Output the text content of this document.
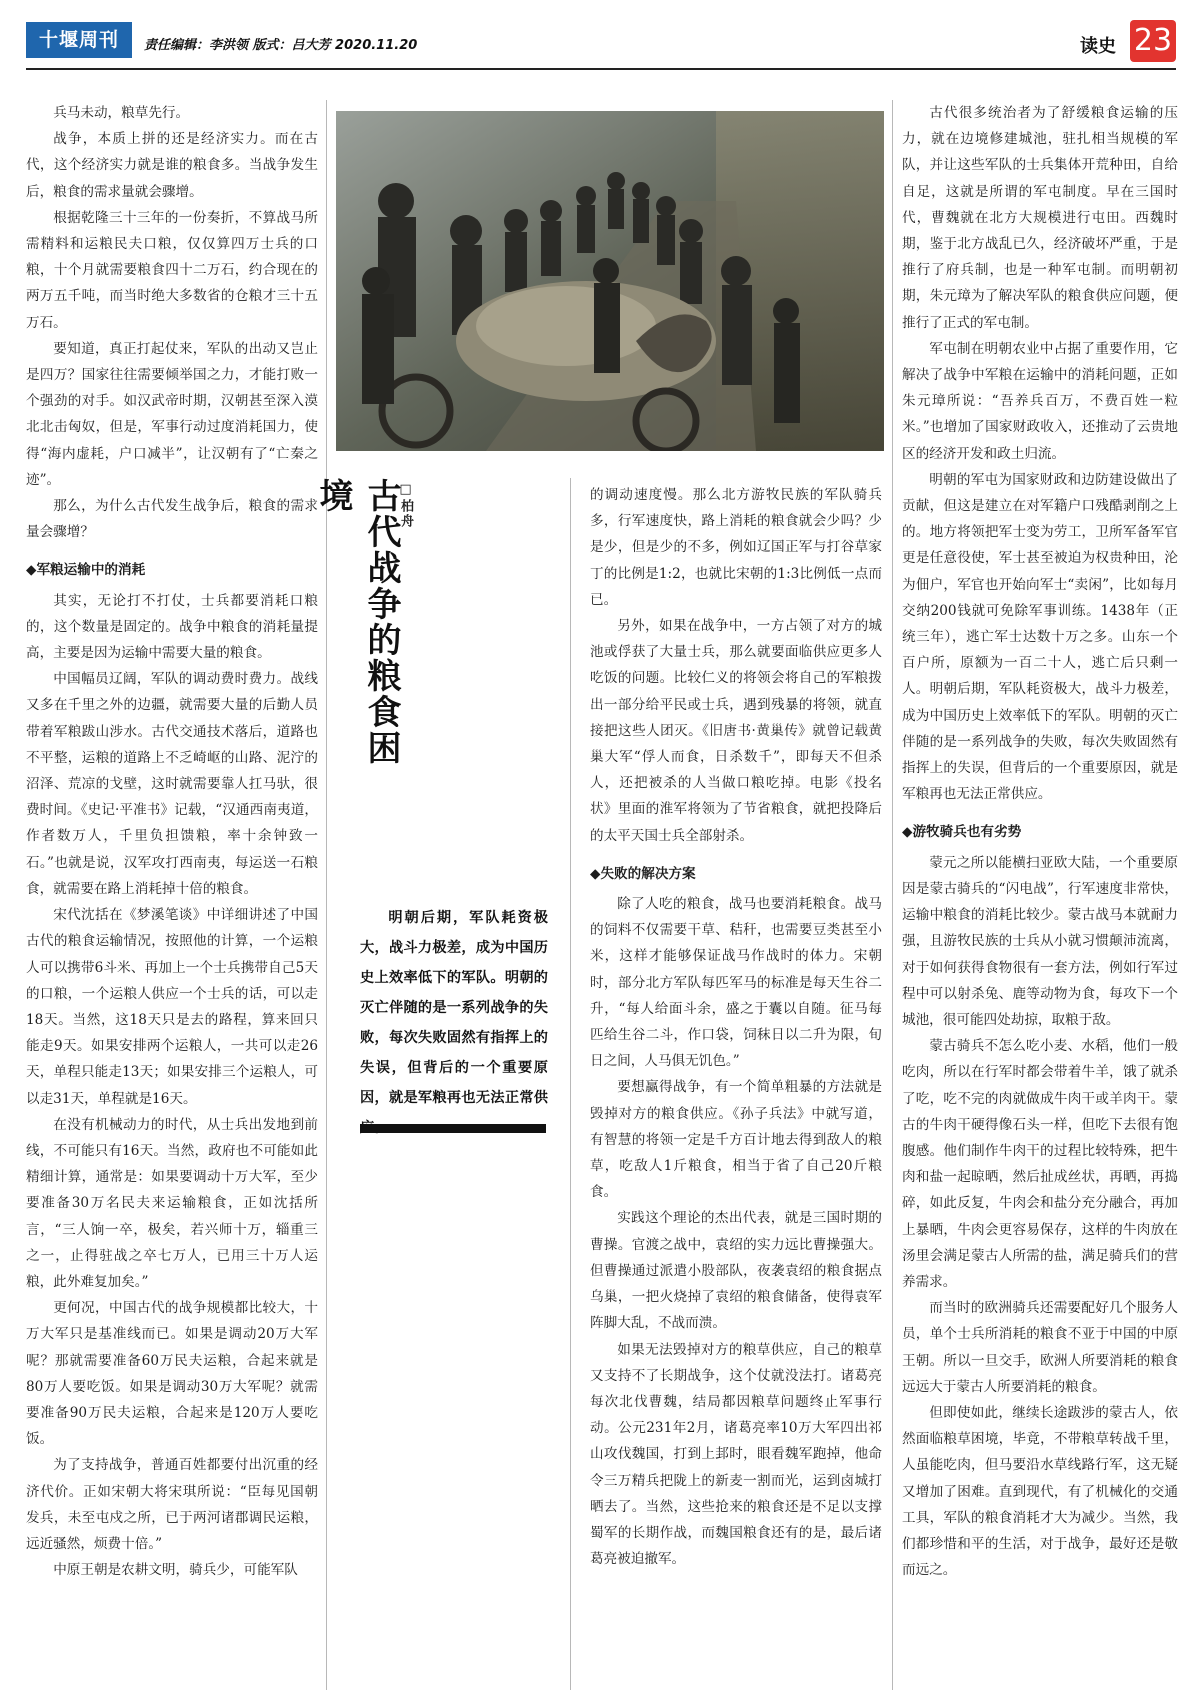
十堰周刊	责任编辑：李洪领 版式：吕大芳 2020.11.20	读史 23

兵马未动，粮草先行。

战争，本质上拼的还是经济实力。而在古代，这个经济实力就是谁的粮食多。当战争发生后，粮食的需求量就会骤增。

根据乾隆三十三年的一份奏折，不算战马所需精料和运粮民夫口粮，仅仅算四万士兵的口粮，十个月就需要粮食四十二万石，约合现在的两万五千吨，而当时绝大多数省的仓粮才三十五万石。

要知道，真正打起仗来，军队的出动又岂止是四万？国家往往需要倾举国之力，才能打败一个强劲的对手。如汉武帝时期，汉朝甚至深入漠北北击匈奴，但是，军事行动过度消耗国力，使得“海内虚耗，户口减半”，让汉朝有了“亡秦之迹”。

那么，为什么古代发生战争后，粮食的需求量会骤增？

◆军粮运输中的消耗

其实，无论打不打仗，士兵都要消耗口粮的，这个数量是固定的。战争中粮食的消耗量提高，主要是因为运输中需要大量的粮食。

中国幅员辽阔，军队的调动费时费力。战线又多在千里之外的边疆，就需要大量的后勤人员带着军粮跋山涉水。古代交通技术落后，道路也不平整，运粮的道路上不乏崎岖的山路、泥泞的沼泽、荒凉的戈壁，这时就需要靠人扛马驮，很费时间。《史记·平准书》记载，“汉通西南夷道，作者数万人，千里负担馈粮，率十余钟致一石。”也就是说，汉军攻打西南夷，每运送一石粮食，就需要在路上消耗掉十倍的粮食。

宋代沈括在《梦溪笔谈》中详细讲述了中国古代的粮食运输情况，按照他的计算，一个运粮人可以携带6斗米、再加上一个士兵携带自己5天的口粮，一个运粮人供应一个士兵的话，可以走18天。当然，这18天只是去的路程，算来回只能走9天。如果安排两个运粮人，一共可以走26天，单程只能走13天；如果安排三个运粮人，可以走31天，单程就是16天。

在没有机械动力的时代，从士兵出发地到前线，不可能只有16天。当然，政府也不可能如此精细计算，通常是：如果要调动十万大军，至少要准备30万名民夫来运输粮食，正如沈括所言，“三人饷一卒，极矣，若兴师十万，辎重三之一，止得驻战之卒七万人，已用三十万人运粮，此外难复加矣。”

更何况，中国古代的战争规模都比较大，十万大军只是基准线而已。如果是调动20万大军呢？那就需要准备60万民夫运粮，合起来就是80万人要吃饭。如果是调动30万大军呢？就需要准备90万民夫运粮，合起来是120万人要吃饭。

为了支持战争，普通百姓都要付出沉重的经济代价。正如宋朝大将宋琪所说：“臣每见国朝发兵，未至屯戍之所，已于两河诸郡调民运粮，远近骚然，烦费十倍。”

中原王朝是农耕文明，骑兵少，可能军队

古代战争的粮食困境	□柏舟

明朝后期，军队耗资极大，战斗力极差，成为中国历史上效率低下的军队。明朝的灭亡伴随的是一系列战争的失败，每次失败固然有指挥上的失误，但背后的一个重要原因，就是军粮再也无法正常供

的调动速度慢。那么北方游牧民族的军队骑兵多，行军速度快，路上消耗的粮食就会少吗？少是少，但是少的不多，例如辽国正军与打谷草家丁的比例是1:2，也就比宋朝的1:3比例低一点而已。

另外，如果在战争中，一方占领了对方的城池或俘获了大量士兵，那么就要面临供应更多人吃饭的问题。比较仁义的将领会将自己的军粮拨出一部分给平民或士兵，遇到残暴的将领，就直接把这些人团灭。《旧唐书·黄巢传》就曾记载黄巢大军“俘人而食，日杀数千”，即每天不但杀人，还把被杀的人当做口粮吃掉。电影《投名状》里面的淮军将领为了节省粮食，就把投降后的太平天国士兵全部射杀。

◆失败的解决方案

除了人吃的粮食，战马也要消耗粮食。战马的饲料不仅需要干草、秸秆，也需要豆类甚至小米，这样才能够保证战马作战时的体力。宋朝时，部分北方军队每匹军马的标准是每天生谷二升，“每人给面斗余，盛之于囊以自随。征马每匹给生谷二斗，作口袋，饲秣日以二升为限，旬日之间，人马俱无饥色。”

要想赢得战争，有一个简单粗暴的方法就是毁掉对方的粮食供应。《孙子兵法》中就写道，有智慧的将领一定是千方百计地去得到敌人的粮草，吃敌人1斤粮食，相当于省了自己20斤粮食。

实践这个理论的杰出代表，就是三国时期的曹操。官渡之战中，袁绍的实力远比曹操强大。但曹操通过派遣小股部队，夜袭袁绍的粮食据点乌巢，一把火烧掉了袁绍的粮食储备，使得袁军阵脚大乱，不战而溃。

如果无法毁掉对方的粮草供应，自己的粮草又支持不了长期战争，这个仗就没法打。诸葛亮每次北伐曹魏，结局都因粮草问题终止军事行动。公元231年2月，诸葛亮率10万大军四出祁山攻伐魏国，打到上邽时，眼看魏军跑掉，他命令三万精兵把陇上的新麦一割而光，运到卤城打晒去了。当然，这些抢来的粮食还是不足以支撑蜀军的长期作战，而魏国粮食还有的是，最后诸葛亮被迫撤军。

古代很多统治者为了舒缓粮食运输的压力，就在边境修建城池，驻扎相当规模的军队，并让这些军队的士兵集体开荒种田，自给自足，这就是所谓的军屯制度。早在三国时代，曹魏就在北方大规模进行屯田。西魏时期，鉴于北方战乱已久，经济破坏严重，于是推行了府兵制，也是一种军屯制。而明朝初期，朱元璋为了解决军队的粮食供应问题，便推行了正式的军屯制。

军屯制在明朝农业中占据了重要作用，它解决了战争中军粮在运输中的消耗问题，正如朱元璋所说：“吾养兵百万，不费百姓一粒米。”也增加了国家财政收入，还推动了云贵地区的经济开发和政土归流。

明朝的军屯为国家财政和边防建设做出了贡献，但这是建立在对军籍户口残酷剥削之上的。地方将领把军士变为劳工，卫所军备军官更是任意役使，军士甚至被迫为权贵种田，沦为佃户，军官也开始向军士“卖闲”，比如每月交纳200钱就可免除军事训练。1438年（正统三年），逃亡军士达数十万之多。山东一个百户所，原额为一百二十人，逃亡后只剩一人。明朝后期，军队耗资极大，战斗力极差，成为中国历史上效率低下的军队。明朝的灭亡伴随的是一系列战争的失败，每次失败固然有指挥上的失误，但背后的一个重要原因，就是军粮再也无法正常供应。

◆游牧骑兵也有劣势

蒙元之所以能横扫亚欧大陆，一个重要原因是蒙古骑兵的“闪电战”，行军速度非常快，运输中粮食的消耗比较少。蒙古战马本就耐力强，且游牧民族的士兵从小就习惯颠沛流离，对于如何获得食物很有一套方法，例如行军过程中可以射杀兔、鹿等动物为食，每攻下一个城池，很可能四处劫掠，取粮于敌。

蒙古骑兵不怎么吃小麦、水稻，他们一般吃肉，所以在行军时都会带着牛羊，饿了就杀了吃，吃不完的肉就做成牛肉干或羊肉干。蒙古的牛肉干硬得像石头一样，但吃下去很有饱腹感。他们制作牛肉干的过程比较特殊，把牛肉和盐一起晾晒，然后扯成丝状，再晒，再捣碎，如此反复，牛肉会和盐分充分融合，再加上暴晒，牛肉会更容易保存，这样的牛肉放在汤里会满足蒙古人所需的盐，满足骑兵们的营养需求。

而当时的欧洲骑兵还需要配好几个服务人员，单个士兵所消耗的粮食不亚于中国的中原王朝。所以一旦交手，欧洲人所要消耗的粮食远远大于蒙古人所要消耗的粮食。

但即使如此，继续长途跋涉的蒙古人，依然面临粮草困境，毕竟，不带粮草转战千里，人虽能吃肉，但马要沿水草线路行军，这无疑又增加了困难。直到现代，有了机械化的交通工具，军队的粮食消耗才大为减少。当然，我们都珍惜和平的生活，对于战争，最好还是敬而远之。
